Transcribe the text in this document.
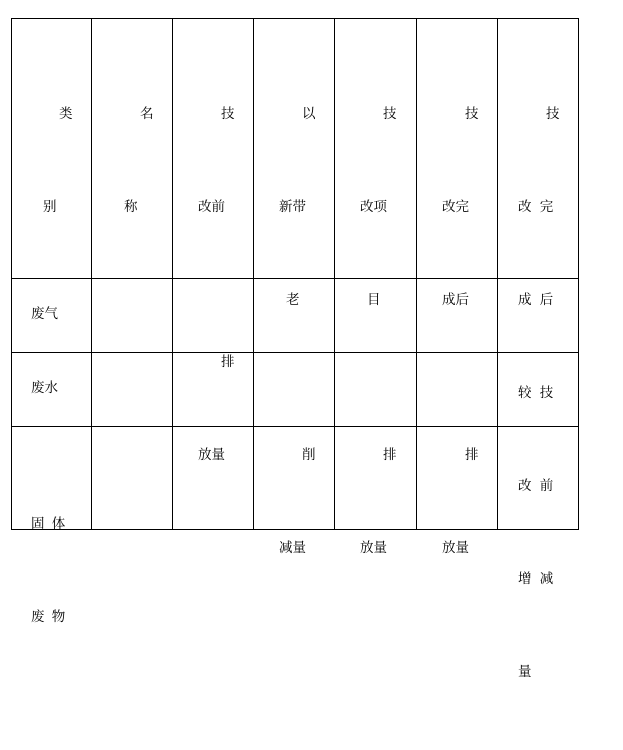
类

别

名

称

技

改前

排

放量

以

新带

老

削

减量

技

改项

目

排

放量

技

改完

成后

排

放量

技

改 完

成 后

较 技

改 前

增 减

量

废气
废水

固 体

废 物
